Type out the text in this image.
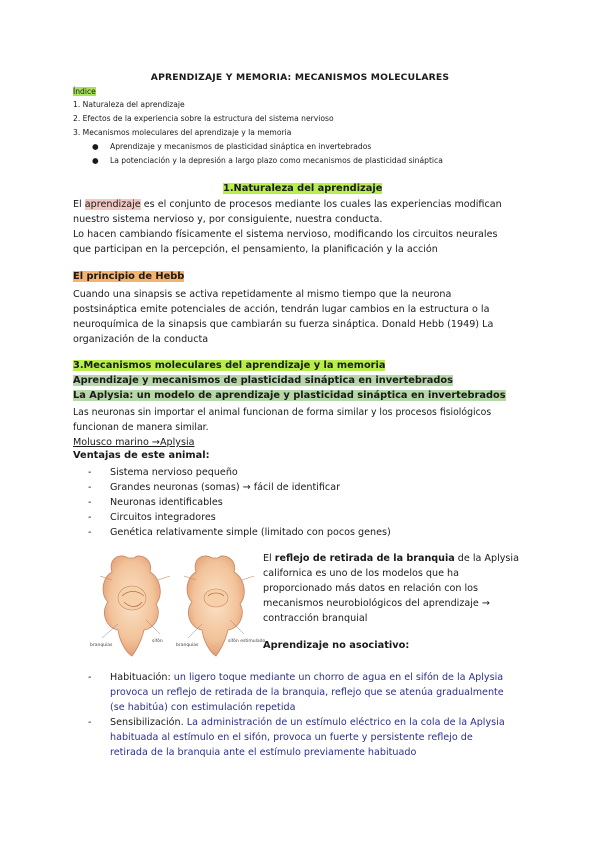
APRENDIZAJE Y MEMORIA: MECANISMOS MOLECULARES
Índice
1. Naturaleza del aprendizaje
2. Efectos de la experiencia sobre la estructura del sistema nervioso
3. Mecanismos moleculares del aprendizaje y la memoria
● Aprendizaje y mecanismos de plasticidad sináptica en invertebrados
● La potenciación y la depresión a largo plazo como mecanismos de plasticidad sináptica
1.Naturaleza del aprendizaje
El aprendizaje es el conjunto de procesos mediante los cuales las experiencias modifican
nuestro sistema nervioso y, por consiguiente, nuestra conducta.
Lo hacen cambiando físicamente el sistema nervioso, modificando los circuitos neurales
que participan en la percepción, el pensamiento, la planificación y la acción
El principio de Hebb
Cuando una sinapsis se activa repetidamente al mismo tiempo que la neurona
postsináptica emite potenciales de acción, tendrán lugar cambios en la estructura o la
neuroquímica de la sinapsis que cambiarán su fuerza sináptica. Donald Hebb (1949) La
organización de la conducta
3.Mecanismos moleculares del aprendizaje y la memoria
Aprendizaje y mecanismos de plasticidad sináptica en invertebrados
La Aplysia: un modelo de aprendizaje y plasticidad sináptica en invertebrados
Las neuronas sin importar el animal funcionan de forma similar y los procesos fisiológicos
funcionan de manera similar.
Molusco marino →Aplysia
Ventajas de este animal:
- Sistema nervioso pequeño
- Grandes neuronas (somas) → fácil de identificar
- Neuronas identificables
- Circuitos integradores
- Genética relativamente simple (limitado con pocos genes)
branquias
sifón
branquias
sifón estimulado
El reflejo de retirada de la branquia de la Aplysia
californica es uno de los modelos que ha
proporcionado más datos en relación con los
mecanismos neurobiológicos del aprendizaje →
contracción branquial
Aprendizaje no asociativo:
- Habituación: un ligero toque mediante un chorro de agua en el sifón de la Aplysia
provoca un reflejo de retirada de la branquia, reflejo que se atenúa gradualmente
(se habitúa) con estimulación repetida
- Sensibilización. La administración de un estímulo eléctrico en la cola de la Aplysia
habituada al estímulo en el sifón, provoca un fuerte y persistente reflejo de
retirada de la branquia ante el estímulo previamente habituado
